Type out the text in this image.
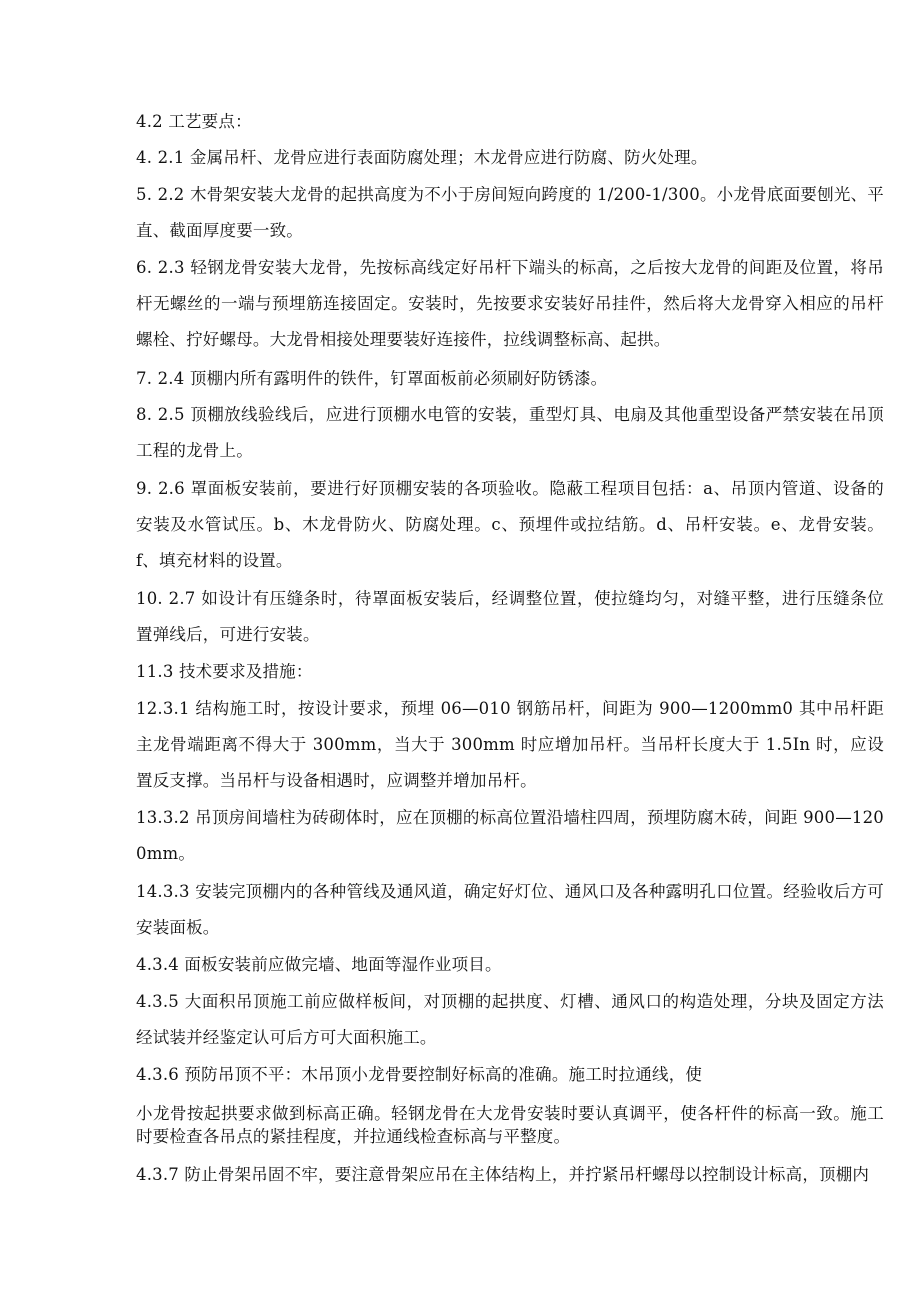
4.2 工艺要点：

4. 2.1 金属吊杆、龙骨应进行表面防腐处理；木龙骨应进行防腐、防火处理。

5. 2.2 木骨架安装大龙骨的起拱高度为不小于房间短向跨度的 1/200-1/300。小龙骨底面要刨光、平直、截面厚度要一致。

6. 2.3 轻钢龙骨安装大龙骨，先按标高线定好吊杆下端头的标高，之后按大龙骨的间距及位置，将吊杆无螺丝的一端与预埋筋连接固定。安装时，先按要求安装好吊挂件，然后将大龙骨穿入相应的吊杆螺栓、拧好螺母。大龙骨相接处理要装好连接件，拉线调整标高、起拱。

7. 2.4 顶棚内所有露明件的铁件，钉罩面板前必须刷好防锈漆。

8. 2.5 顶棚放线验线后，应进行顶棚水电管的安装，重型灯具、电扇及其他重型设备严禁安装在吊顶工程的龙骨上。

9. 2.6 罩面板安装前，要进行好顶棚安装的各项验收。隐蔽工程项目包括：a、吊顶内管道、设备的安装及水管试压。b、木龙骨防火、防腐处理。c、预埋件或拉结筋。d、吊杆安装。e、龙骨安装。f、填充材料的设置。

10. 2.7 如设计有压缝条时，待罩面板安装后，经调整位置，使拉缝均匀，对缝平整，进行压缝条位置弹线后，可进行安装。

11.3 技术要求及措施：

12.3.1 结构施工时，按设计要求，预埋 06—010 钢筋吊杆，间距为 900—1200mm0 其中吊杆距主龙骨端距离不得大于 300mm，当大于 300mm 时应增加吊杆。当吊杆长度大于 1.5In 时，应设置反支撑。当吊杆与设备相遇时，应调整并增加吊杆。

13.3.2 吊顶房间墙柱为砖砌体时，应在顶棚的标高位置沿墙柱四周，预埋防腐木砖，间距 900—1200mm。

14.3.3 安装完顶棚内的各种管线及通风道，确定好灯位、通风口及各种露明孔口位置。经验收后方可安装面板。

4.3.4 面板安装前应做完墙、地面等湿作业项目。

4.3.5 大面积吊顶施工前应做样板间，对顶棚的起拱度、灯槽、通风口的构造处理，分块及固定方法经试装并经鉴定认可后方可大面积施工。

4.3.6 预防吊顶不平：木吊顶小龙骨要控制好标高的准确。施工时拉通线，使

小龙骨按起拱要求做到标高正确。轻钢龙骨在大龙骨安装时要认真调平，使各杆件的标高一致。施工时要检查各吊点的紧挂程度，并拉通线检查标高与平整度。

4.3.7 防止骨架吊固不牢，要注意骨架应吊在主体结构上，并拧紧吊杆螺母以控制设计标高，顶棚内
